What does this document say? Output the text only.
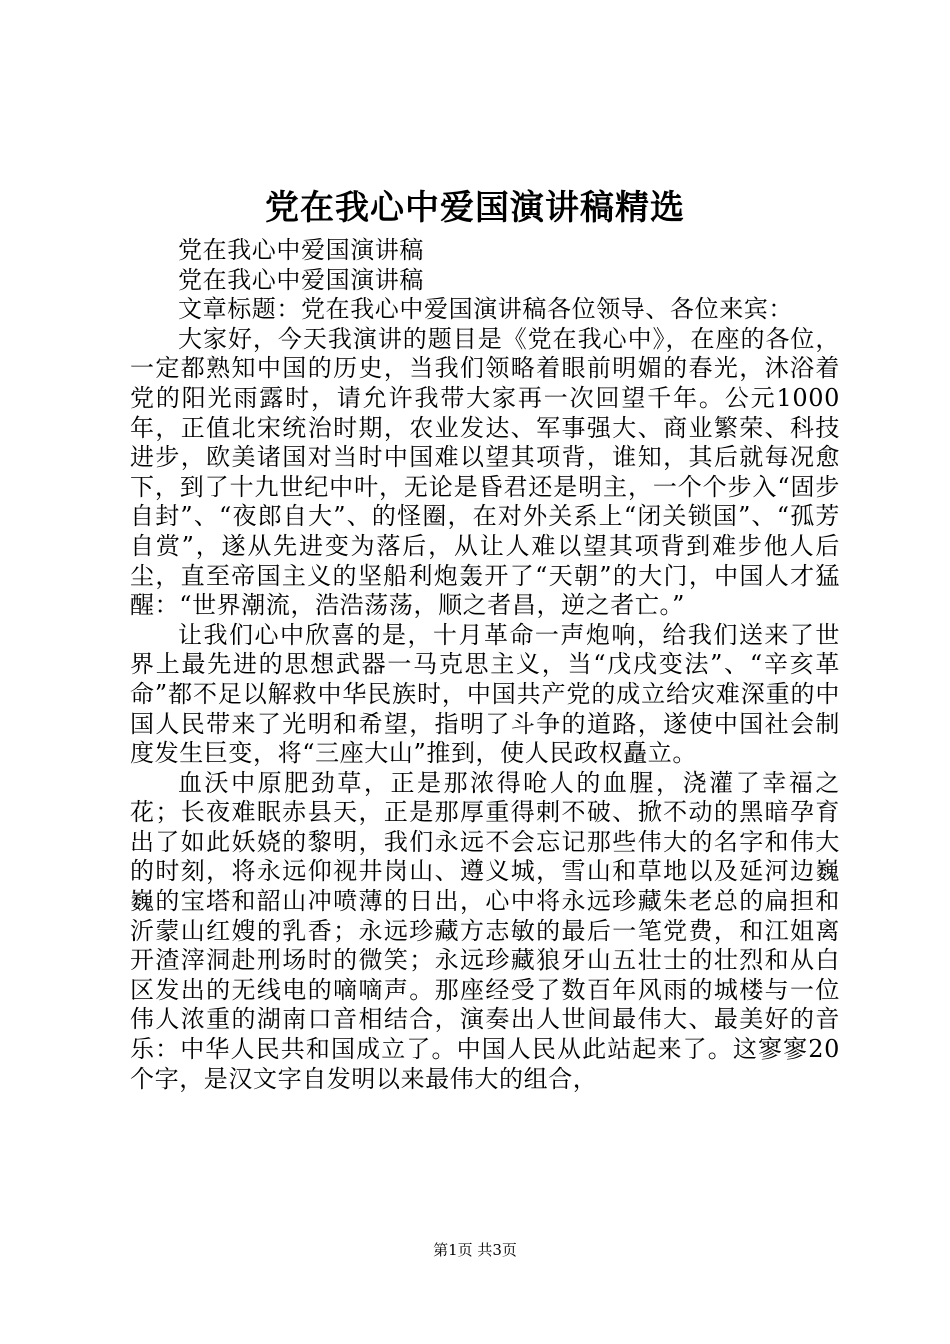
党在我心中爱国演讲稿精选

党在我心中爱国演讲稿

党在我心中爱国演讲稿

文章标题：党在我心中爱国演讲稿各位领导、各位来宾：

大家好，今天我演讲的题目是《党在我心中》，在座的各位，一定都熟知中国的历史，当我们领略着眼前明媚的春光，沐浴着党的阳光雨露时，请允许我带大家再一次回望千年。公元1000年，正值北宋统治时期，农业发达、军事强大、商业繁荣、科技进步，欧美诸国对当时中国难以望其项背，谁知，其后就每况愈下，到了十九世纪中叶，无论是昏君还是明主，一个个步入“固步自封”、“夜郎自大”、的怪圈，在对外关系上“闭关锁国”、“孤芳自赏”，遂从先进变为落后，从让人难以望其项背到难步他人后尘，直至帝国主义的坚船利炮轰开了“天朝”的大门，中国人才猛醒：“世界潮流，浩浩荡荡，顺之者昌，逆之者亡。”

让我们心中欣喜的是，十月革命一声炮响，给我们送来了世界上最先进的思想武器一马克思主义，当“戊戌变法”、“辛亥革命”都不足以解救中华民族时，中国共产党的成立给灾难深重的中国人民带来了光明和希望，指明了斗争的道路，遂使中国社会制度发生巨变，将“三座大山”推到，使人民政权矗立。

血沃中原肥劲草，正是那浓得呛人的血腥，浇灌了幸福之花；长夜难眠赤县天，正是那厚重得剌不破、掀不动的黑暗孕育出了如此妖娆的黎明，我们永远不会忘记那些伟大的名字和伟大的时刻，将永远仰视井岗山、遵义城，雪山和草地以及延河边巍巍的宝塔和韶山冲喷薄的日出，心中将永远珍藏朱老总的扁担和沂蒙山红嫂的乳香；永远珍藏方志敏的最后一笔党费，和江姐离开渣滓洞赴刑场时的微笑；永远珍藏狼牙山五壮士的壮烈和从白区发出的无线电的嘀嘀声。那座经受了数百年风雨的城楼与一位伟人浓重的湖南口音相结合，演奏出人世间最伟大、最美好的音乐：中华人民共和国成立了。中国人民从此站起来了。这寥寥20个字，是汉文字自发明以来最伟大的组合，

第1页 共3页
